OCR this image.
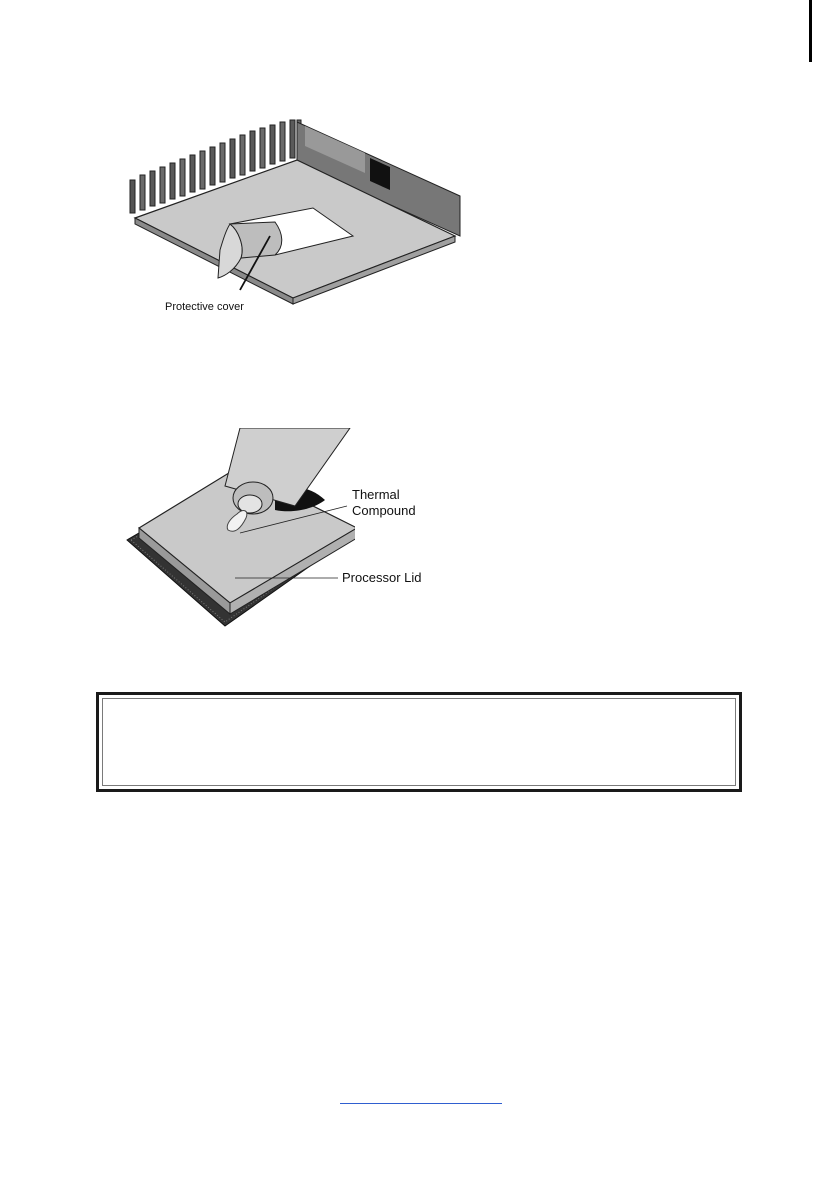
Protective cover
Thermal
Compound
Processor Lid
